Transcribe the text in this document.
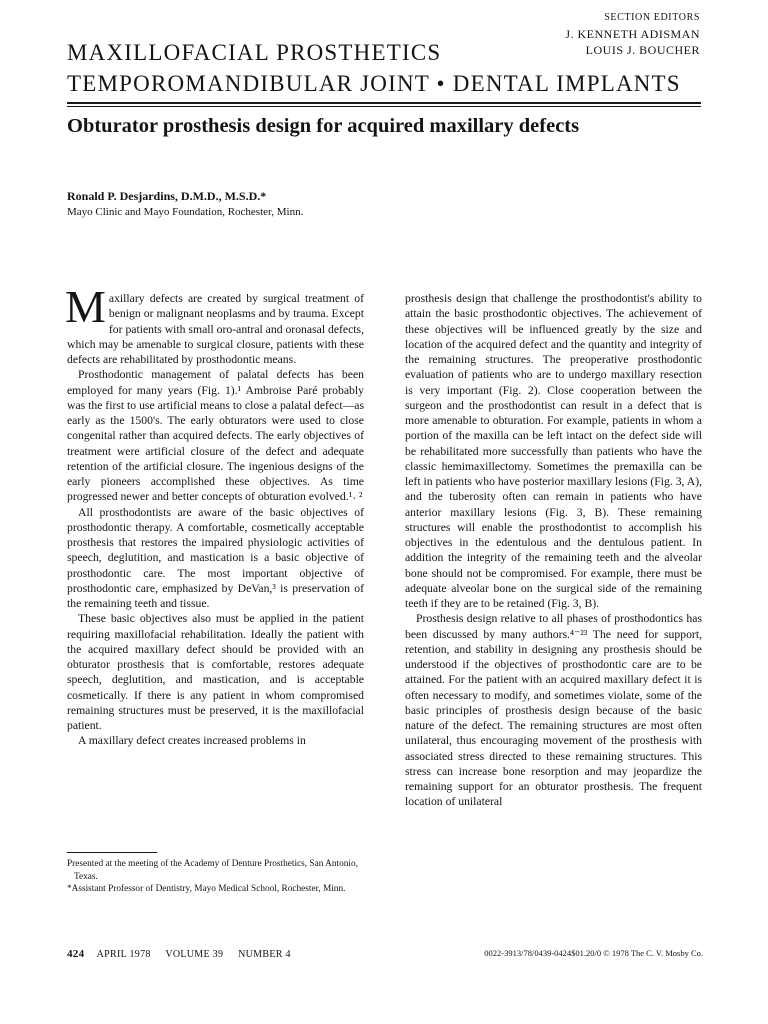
SECTION EDITORS
J. KENNETH ADISMAN
LOUIS J. BOUCHER
MAXILLOFACIAL PROSTHETICS
TEMPOROMANDIBULAR JOINT • DENTAL IMPLANTS
Obturator prosthesis design for acquired maxillary defects
Ronald P. Desjardins, D.M.D., M.S.D.*
Mayo Clinic and Mayo Foundation, Rochester, Minn.

Maxillary defects are created by surgical treatment of benign or malignant neoplasms and by trauma. Except for patients with small oro-antral and oronasal defects, which may be amenable to surgical closure, patients with these defects are rehabilitated by prosthodontic means.

Prosthodontic management of palatal defects has been employed for many years (Fig. 1).¹ Ambroise Paré probably was the first to use artificial means to close a palatal defect—as early as the 1500's. The early obturators were used to close congenital rather than acquired defects. The early objectives of treatment were artificial closure of the defect and adequate retention of the artificial closure. The ingenious designs of the early pioneers accomplished these objectives. As time progressed newer and better concepts of obturation evolved.¹˒ ²

All prosthodontists are aware of the basic objectives of prosthodontic therapy. A comfortable, cosmetically acceptable prosthesis that restores the impaired physiologic activities of speech, deglutition, and mastication is a basic objective of prosthodontic care. The most important objective of prosthodontic care, emphasized by DeVan,³ is preservation of the remaining teeth and tissue.

These basic objectives also must be applied in the patient requiring maxillofacial rehabilitation. Ideally the patient with the acquired maxillary defect should be provided with an obturator prosthesis that is comfortable, restores adequate speech, deglutition, and mastication, and is acceptable cosmetically. If there is any patient in whom compromised remaining structures must be preserved, it is the maxillofacial patient.

A maxillary defect creates increased problems in

prosthesis design that challenge the prosthodontist's ability to attain the basic prosthodontic objectives. The achievement of these objectives will be influenced greatly by the size and location of the acquired defect and the quantity and integrity of the remaining structures. The preoperative prosthodontic evaluation of patients who are to undergo maxillary resection is very important (Fig. 2). Close cooperation between the surgeon and the prosthodontist can result in a defect that is more amenable to obturation. For example, patients in whom a portion of the maxilla can be left intact on the defect side will be rehabilitated more successfully than patients who have the classic hemimaxillectomy. Sometimes the premaxilla can be left in patients who have posterior maxillary lesions (Fig. 3, A), and the tuberosity often can remain in patients who have anterior maxillary lesions (Fig. 3, B). These remaining structures will enable the prosthodontist to accomplish his objectives in the edentulous and the dentulous patient. In addition the integrity of the remaining teeth and the alveolar bone should not be compromised. For example, there must be adequate alveolar bone on the surgical side of the remaining teeth if they are to be retained (Fig. 3, B).

Prosthesis design relative to all phases of prosthodontics has been discussed by many authors.⁴⁻²³ The need for support, retention, and stability in designing any prosthesis should be understood if the objectives of prosthodontic care are to be attained. For the patient with an acquired maxillary defect it is often necessary to modify, and sometimes violate, some of the basic principles of prosthesis design because of the basic nature of the defect. The remaining structures are most often unilateral, thus encouraging movement of the prosthesis with associated stress directed to these remaining structures. This stress can increase bone resorption and may jeopardize the remaining support for an obturator prosthesis. The frequent location of unilateral

Presented at the meeting of the Academy of Denture Prosthetics, San Antonio, Texas.

*Assistant Professor of Dentistry, Mayo Medical School, Rochester, Minn.

424 APRIL 1978 VOLUME 39 NUMBER 4	0022-3913/78/0439-0424$01.20/0 © 1978 The C. V. Mosby Co.
